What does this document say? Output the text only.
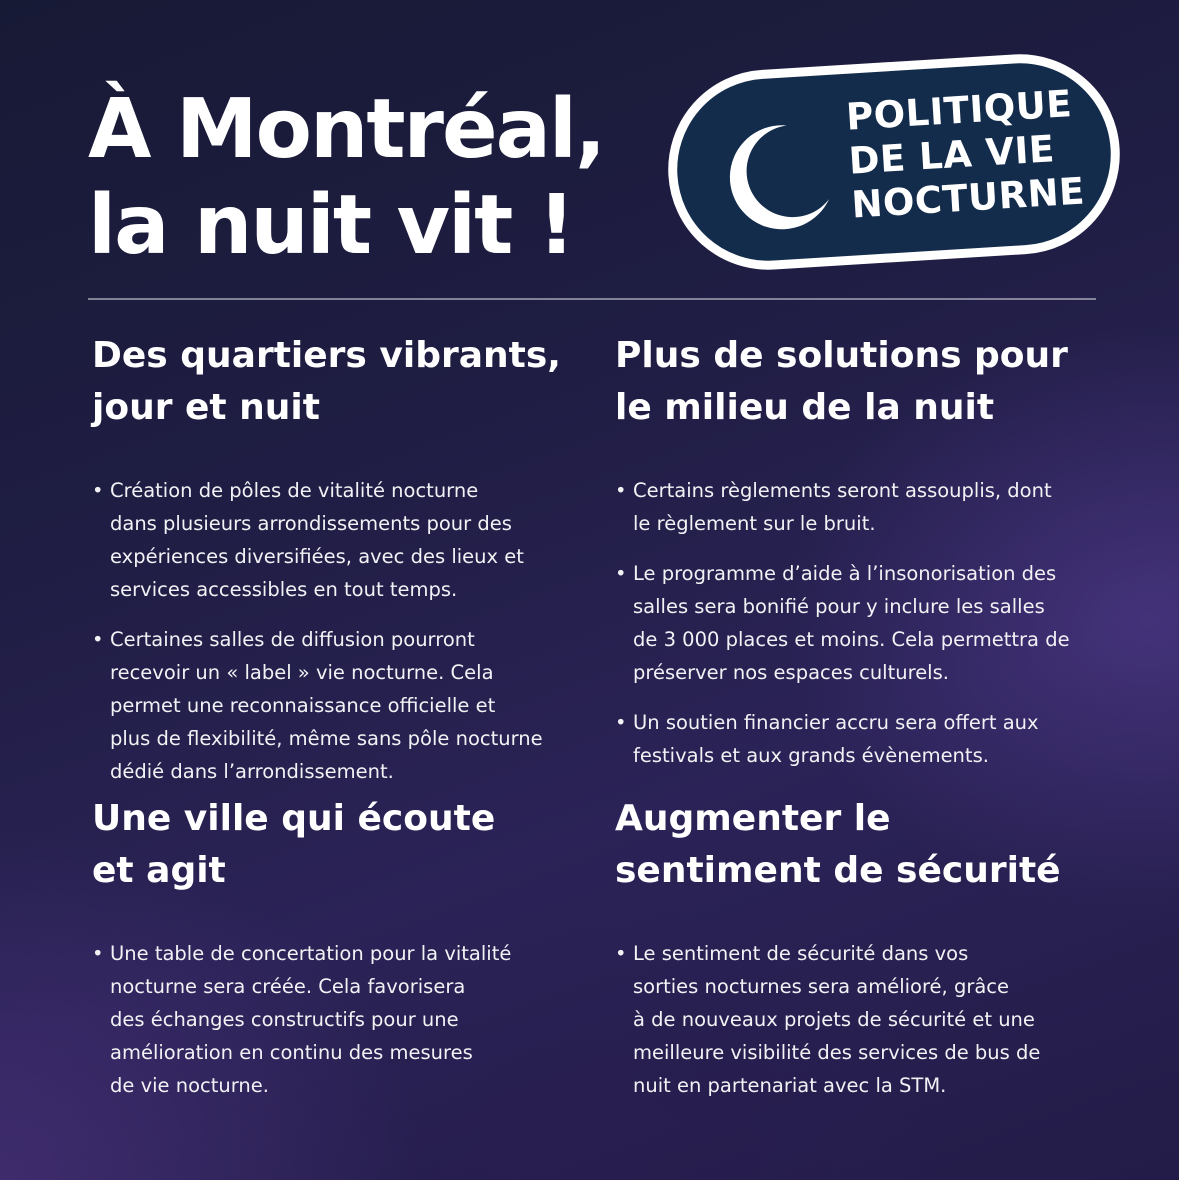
À Montréal,
la nuit vit !
POLITIQUE
DE LA VIE
NOCTURNE
Des quartiers vibrants,
jour et nuit
• Création de pôles de vitalité nocturne
dans plusieurs arrondissements pour des
expériences diversifiées, avec des lieux et
services accessibles en tout temps.
• Certaines salles de diffusion pourront
recevoir un « label » vie nocturne. Cela
permet une reconnaissance officielle et
plus de flexibilité, même sans pôle nocturne
dédié dans l’arrondissement.
Plus de solutions pour
le milieu de la nuit
• Certains règlements seront assouplis, dont
le règlement sur le bruit.
• Le programme d’aide à l’insonorisation des
salles sera bonifié pour y inclure les salles
de 3 000 places et moins. Cela permettra de
préserver nos espaces culturels.
• Un soutien financier accru sera offert aux
festivals et aux grands évènements.
Une ville qui écoute
et agit
• Une table de concertation pour la vitalité
nocturne sera créée. Cela favorisera
des échanges constructifs pour une
amélioration en continu des mesures
de vie nocturne.
Augmenter le
sentiment de sécurité
• Le sentiment de sécurité dans vos
sorties nocturnes sera amélioré, grâce
à de nouveaux projets de sécurité et une
meilleure visibilité des services de bus de
nuit en partenariat avec la STM.
